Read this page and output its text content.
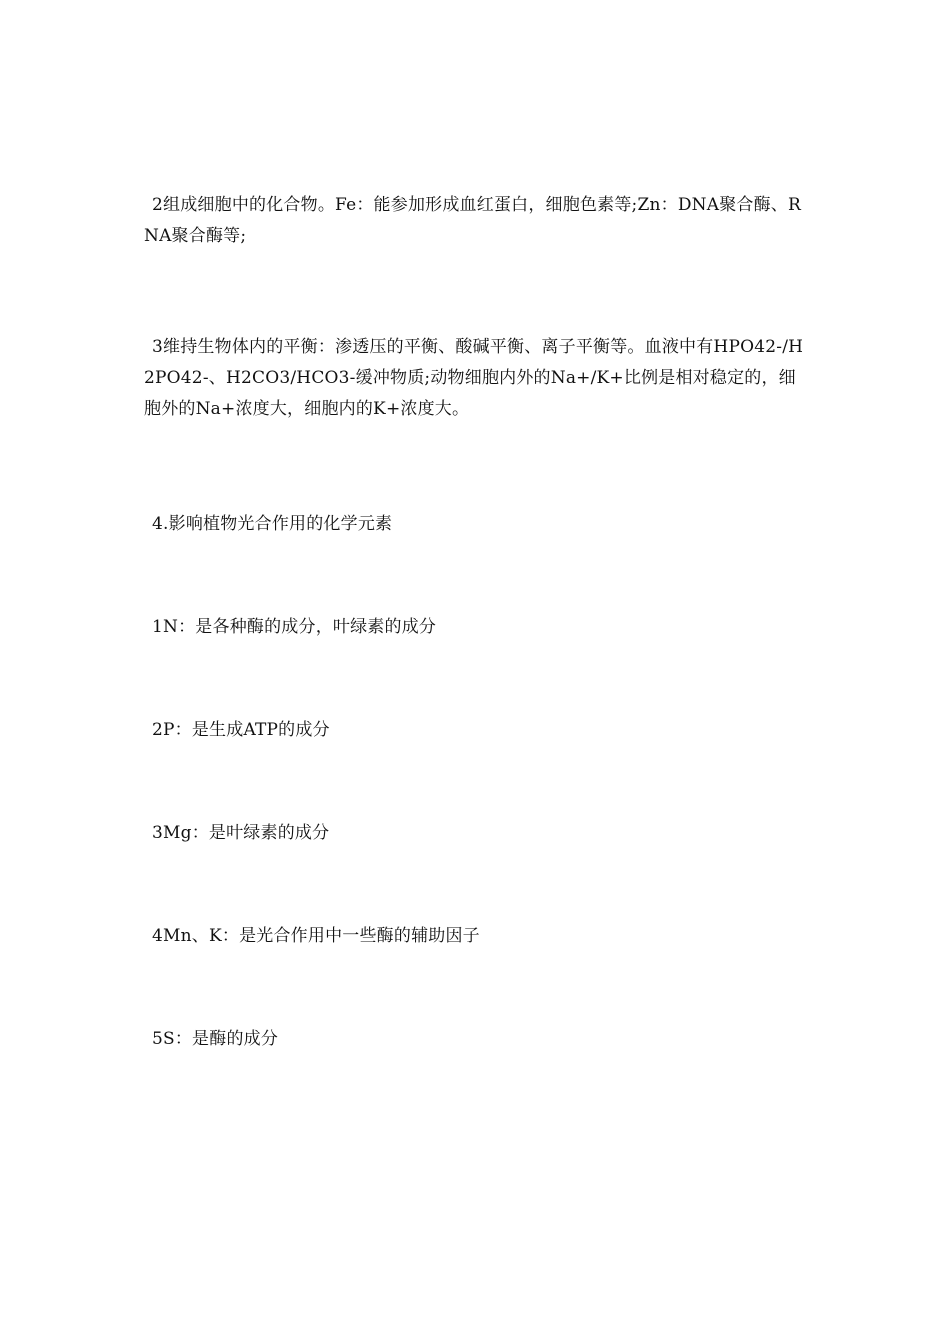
2组成细胞中的化合物。Fe：能参加形成血红蛋白，细胞色素等;Zn：DNA聚合酶、RNA聚合酶等;

3维持生物体内的平衡：渗透压的平衡、酸碱平衡、离子平衡等。血液中有HPO42-/H2PO42-、H2CO3/HCO3-缓冲物质;动物细胞内外的Na+/K+比例是相对稳定的，细胞外的Na+浓度大，细胞内的K+浓度大。

4.影响植物光合作用的化学元素

1N：是各种酶的成分，叶绿素的成分

2P：是生成ATP的成分

3Mg：是叶绿素的成分

4Mn、K：是光合作用中一些酶的辅助因子

5S：是酶的成分
